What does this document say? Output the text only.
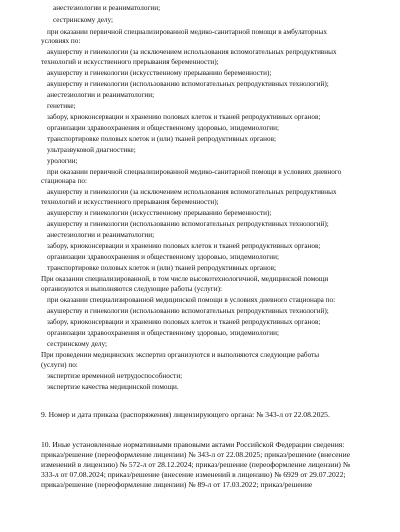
анестезиологии и реаниматологии;
сестринскому делу;
при оказании первичной специализированной медико-санитарной помощи в амбулаторных
условиях по:
акушерству и гинекологии (за исключением использования вспомогательных репродуктивных
технологий и искусственного прерывания беременности);
акушерству и гинекологии (искусственному прерыванию беременности);
акушерству и гинекологии (использованию вспомогательных репродуктивных технологий);
анестезиологии и реаниматологии;
генетике;
забору, криоконсервации и хранению половых клеток и тканей репродуктивных органов;
организации здравоохранения и общественному здоровью, эпидемиологии;
транспортировке половых клеток и (или) тканей репродуктивных органов;
ультразвуковой диагностике;
урологии;
при оказании первичной специализированной медико-санитарной помощи в условиях дневного
стационара по:
акушерству и гинекологии (за исключением использования вспомогательных репродуктивных
технологий и искусственного прерывания беременности);
акушерству и гинекологии (искусственному прерыванию беременности);
акушерству и гинекологии (использованию вспомогательных репродуктивных технологий);
анестезиологии и реаниматологии;
забору, криоконсервации и хранению половых клеток и тканей репродуктивных органов;
организации здравоохранения и общественному здоровью, эпидемиологии;
транспортировке половых клеток и (или) тканей репродуктивных органов;
При оказании специализированной, в том числе высокотехнологичной, медицинской помощи
организуются и выполняются следующие работы (услуги):
при оказании специализированной медицинской помощи в условиях дневного стационара по:
акушерству и гинекологии (использованию вспомогательных репродуктивных технологий);
забору, криоконсервации и хранению половых клеток и тканей репродуктивных органов;
организации здравоохранения и общественному здоровью, эпидемиологии;
сестринскому делу;
При проведении медицинских экспертиз организуются и выполняются следующие работы
(услуги) по:
экспертизе временной нетрудоспособности;
экспертизе качества медицинской помощи.
9. Номер и дата приказа (распоряжения) лицензирующего органа: № 343-л от 22.08.2025.
10. Иные установленные нормативными правовыми актами Российской Федерации сведения:
приказ/решение (переоформление лицензии) № 343-л от 22.08.2025; приказ/решение (внесение
изменений в лицензию) № 572-л от 28.12.2024; приказ/решение (переоформление лицензии) №
333-л от 07.08.2024; приказ/решение (внесение изменений в лицензию) № 6929 от 29.07.2022;
приказ/решение (переоформление лицензии) № 89-л от 17.03.2022; приказ/решение
